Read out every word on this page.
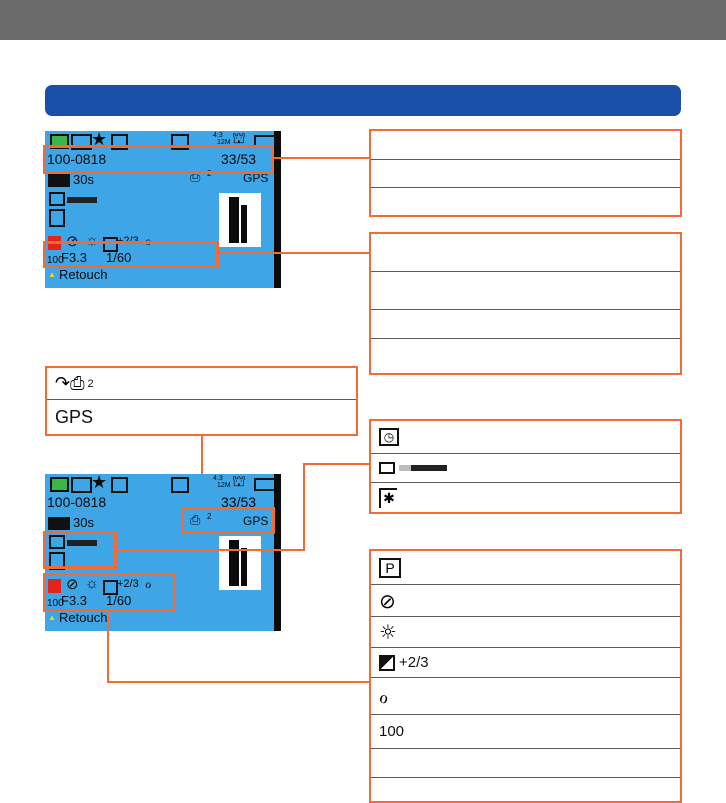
★	4:3
12M ⛫
100-0818	33/53
30s	⎙ 2	GPS
⊘ ☼ +2/3 ℴ
100
F3.3 1/60
▲ Retouch
↷⎙ 2
GPS
★	4:3
12M ⛫
100-0818	33/53
30s	⎙ 2	GPS
⊘ ☼ +2/3 ℴ
100
F3.3 1/60
▲ Retouch
◷
✱
P
⊘
☼
+2/3
ℴ
100
